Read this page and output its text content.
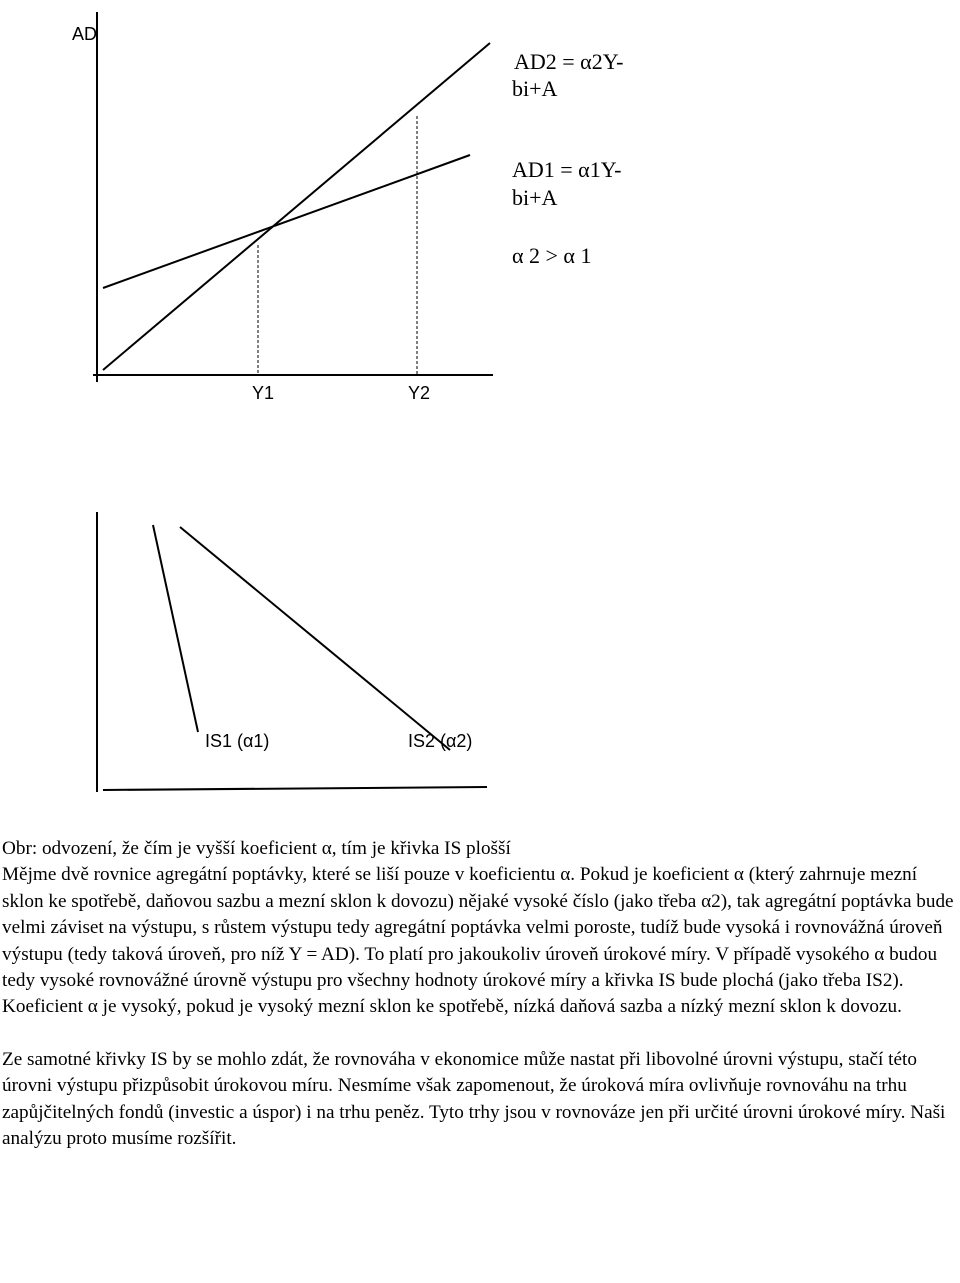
AD
AD2 = α2Y-
bi+A
AD1 = α1Y-
bi+A
α 2 > α 1
Y1	Y2
IS1 (α1)	IS2 (α2)

Obr: odvození, že čím je vyšší koeficient α, tím je křivka IS plošší

Mějme dvě rovnice agregátní poptávky, které se liší pouze v koeficientu α. Pokud je koeficient α (který zahrnuje mezní sklon ke spotřebě, daňovou sazbu a mezní sklon k dovozu) nějaké vysoké číslo (jako třeba α2), tak agregátní poptávka bude velmi záviset na výstupu, s růstem výstupu tedy agregátní poptávka velmi poroste, tudíž bude vysoká i rovnovážná úroveň výstupu (tedy taková úroveň, pro níž Y = AD). To platí pro jakoukoliv úroveň úrokové míry. V případě vysokého α budou tedy vysoké rovnovážné úrovně výstupu pro všechny hodnoty úrokové míry a křivka IS bude plochá (jako třeba IS2).

Koeficient α je vysoký, pokud je vysoký mezní sklon ke spotřebě, nízká daňová sazba a nízký mezní sklon k dovozu.

Ze samotné křivky IS by se mohlo zdát, že rovnováha v ekonomice může nastat při libovolné úrovni výstupu, stačí této úrovni výstupu přizpůsobit úrokovou míru. Nesmíme však zapomenout, že úroková míra ovlivňuje rovnováhu na trhu zapůjčitelných fondů (investic a úspor) i na trhu peněz. Tyto trhy jsou v rovnováze jen při určité úrovni úrokové míry. Naši analýzu proto musíme rozšířit.
